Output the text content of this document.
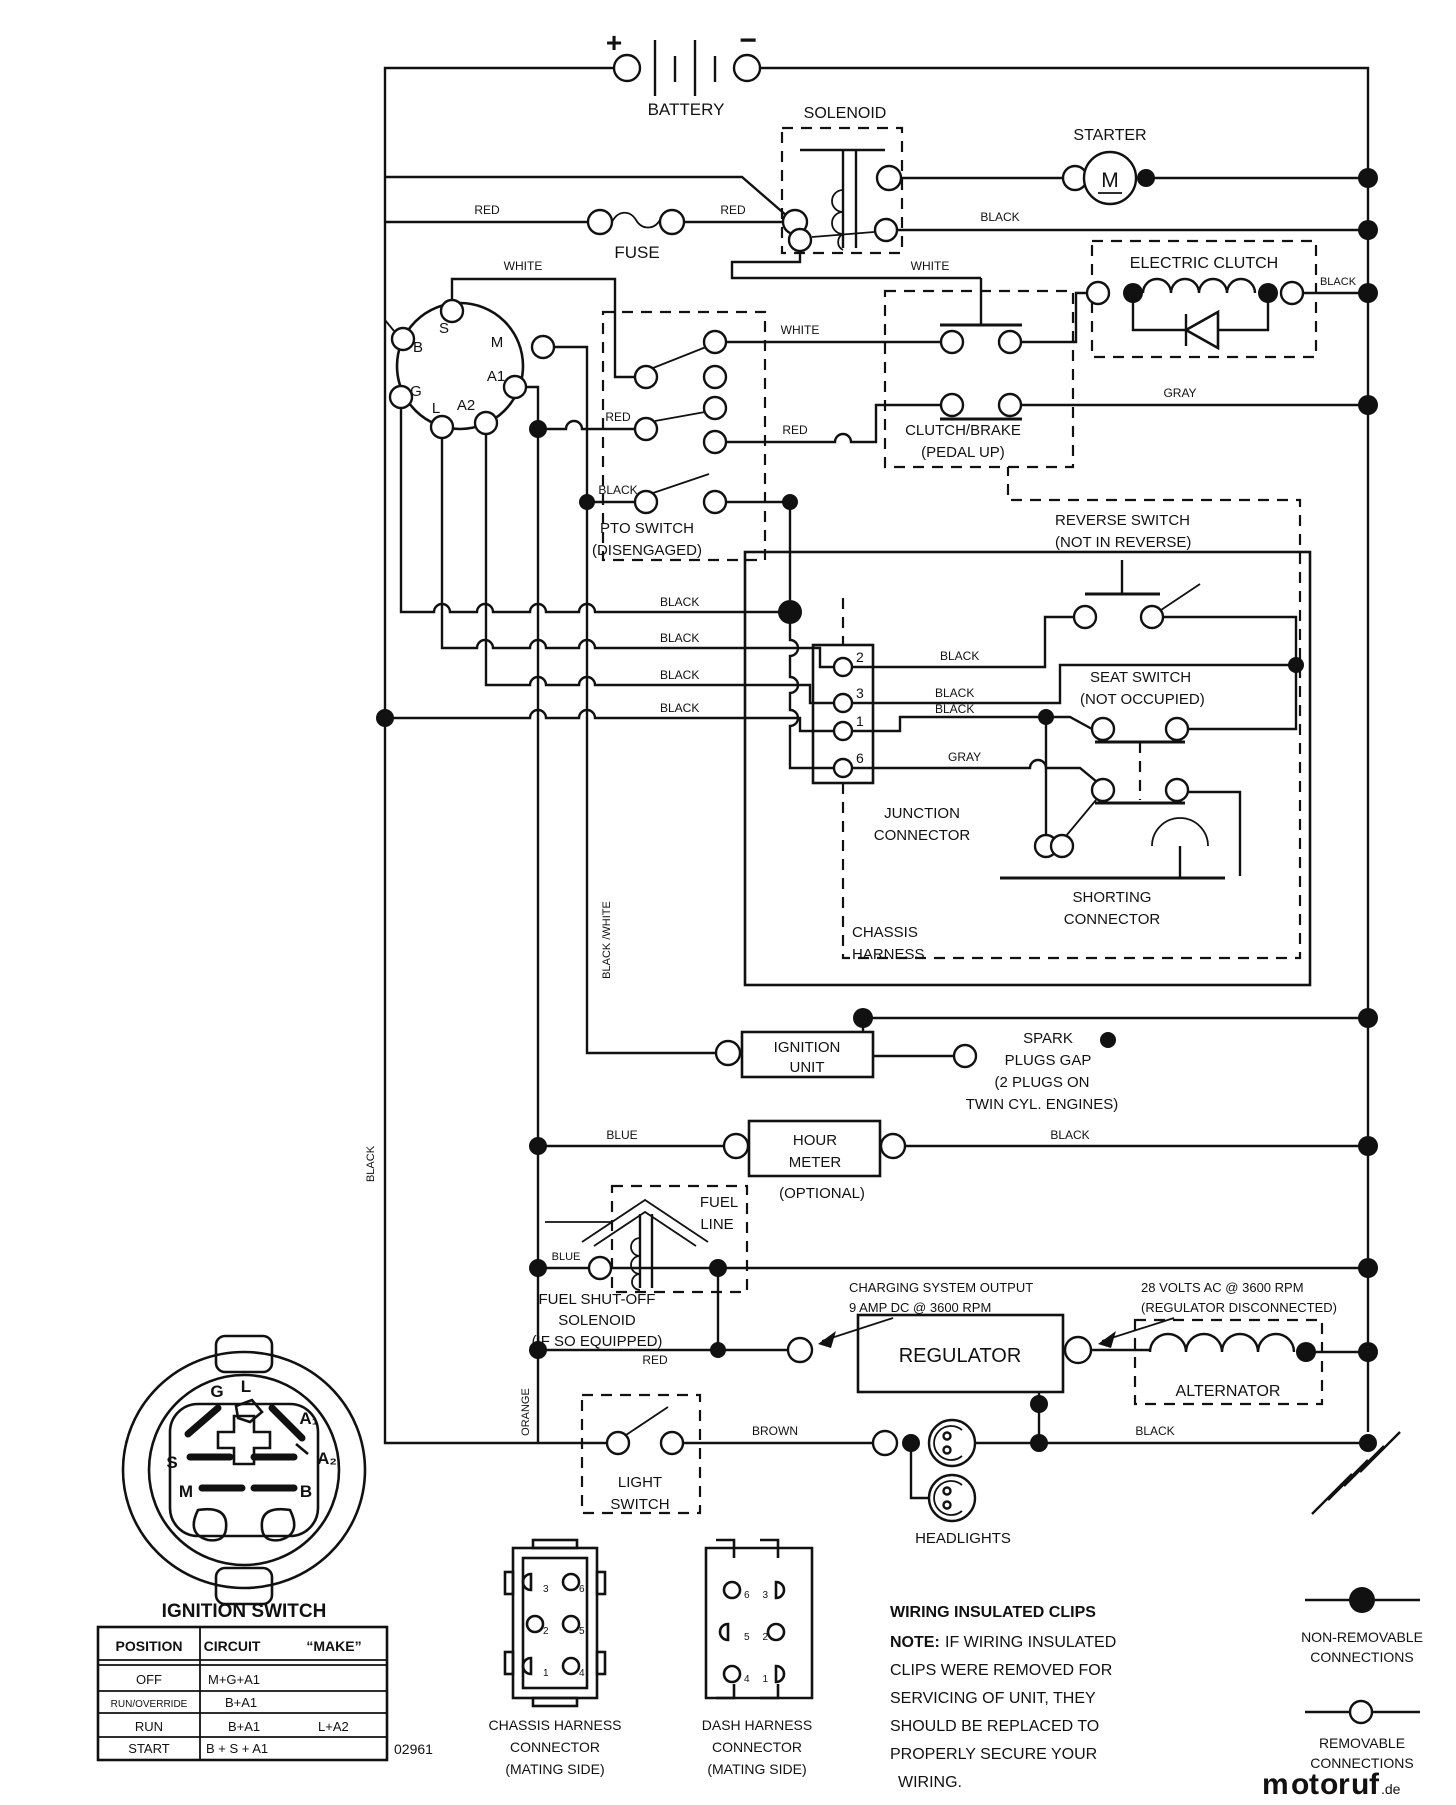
+	−
BATTERY
RED	RED
FUSE
SOLENOID
STARTER
M
BLACK
ELECTRIC CLUTCH
BLACK
WHITE	WHITE
WHITE
S
B	M
A1
G
L A2
RED
RED
BLACK
PTO SWITCH
(DISENGAGED)
CLUTCH/BRAKE
(PEDAL UP)
GRAY
REVERSE SWITCH
(NOT IN REVERSE)
SEAT SWITCH
(NOT OCCUPIED)
BLACK
BLACK
BLACK
BLACK
BLACK
BLACK
BLACK
GRAY
2
3
1
6
JUNCTION
CONNECTOR
SHORTING
CONNECTOR
CHASSIS
HARNESS
BLACK /WHITE
BLACK
IGNITION
UNIT
SPARK
PLUGS GAP
(2 PLUGS ON
TWIN CYL. ENGINES)
BLUE	HOUR
METER
(OPTIONAL)
BLACK
FUEL
LINE
BLUE
FUEL SHUT-OFF
SOLENOID
(IF SO EQUIPPED)
RED
CHARGING SYSTEM OUTPUT
9 AMP DC @ 3600 RPM
REGULATOR
28 VOLTS AC @ 3600 RPM
(REGULATOR DISCONNECTED)
ALTERNATOR
ORANGE
LIGHT
SWITCH
BROWN	BLACK
HEADLIGHTS
IGNITION SWITCH
G L
A₁
A₂
S
M	B
POSITION CIRCUIT	“MAKE”
OFF	M+G+A1
RUN/OVERRIDE	B+A1
RUN	B+A1	L+A2
START	B + S + A1	02961
CHASSIS HARNESS
CONNECTOR
(MATING SIDE)
DASH HARNESS
CONNECTOR
(MATING SIDE)
3	6
2	5
1	4
6 3
5 2
4 1
WIRING INSULATED CLIPS
NOTE: IF WIRING INSULATED
CLIPS WERE REMOVED FOR
SERVICING OF UNIT, THEY
SHOULD BE REPLACED TO
PROPERLY SECURE YOUR
WIRING.
NON-REMOVABLE
CONNECTIONS
REMOVABLE
CONNECTIONS
m o t o r u f .de
